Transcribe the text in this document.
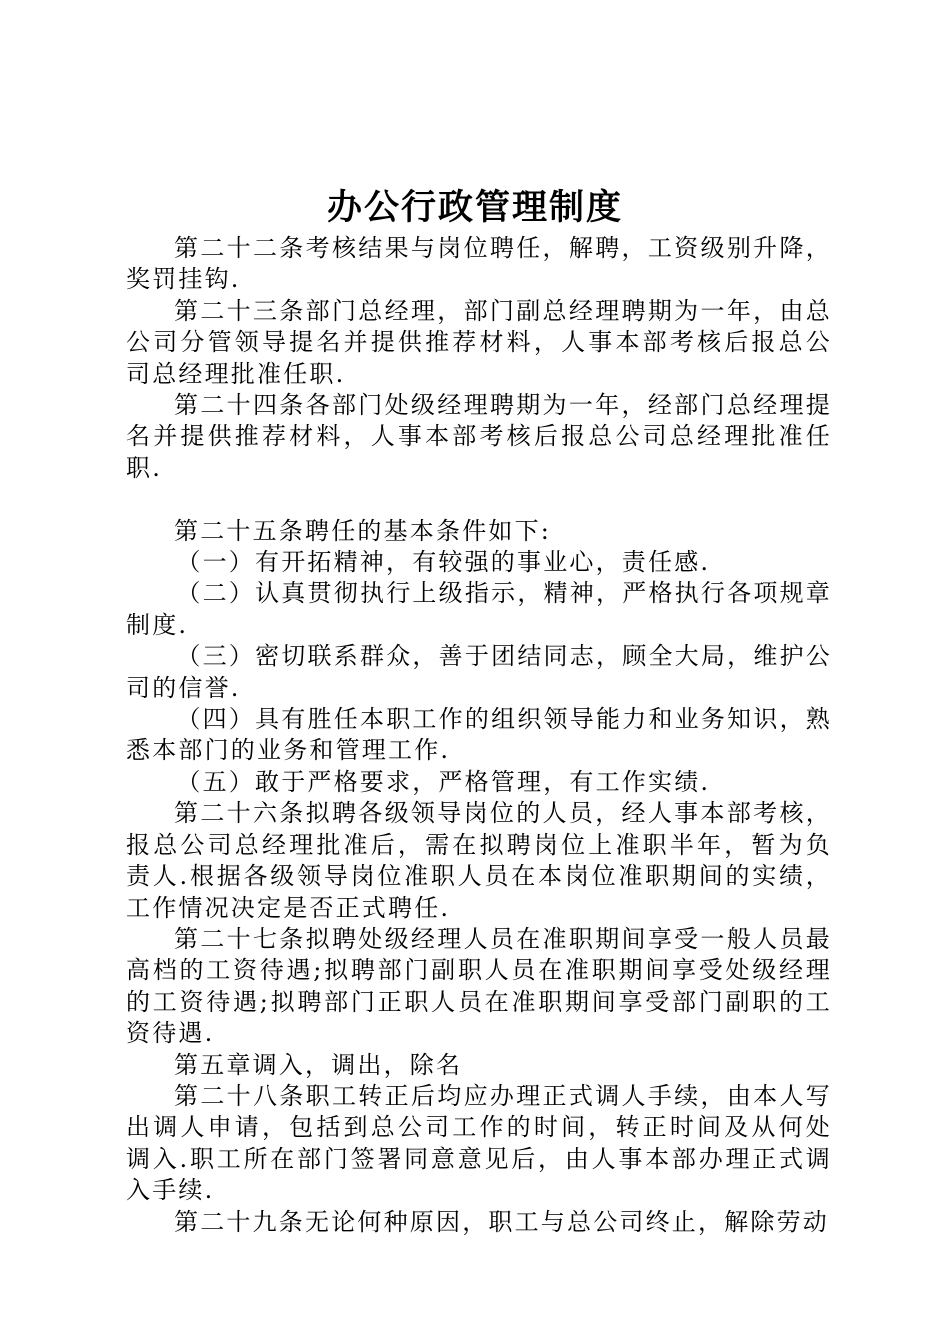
办公行政管理制度

第二十二条考核结果与岗位聘任，解聘，工资级别升降，奖罚挂钩.

第二十三条部门总经理，部门副总经理聘期为一年，由总公司分管领导提名并提供推荐材料，人事本部考核后报总公司总经理批准任职.

第二十四条各部门处级经理聘期为一年，经部门总经理提名并提供推荐材料，人事本部考核后报总公司总经理批准任职.

第二十五条聘任的基本条件如下:

（一）有开拓精神，有较强的事业心，责任感.

（二）认真贯彻执行上级指示，精神，严格执行各项规章制度.

（三）密切联系群众，善于团结同志，顾全大局，维护公司的信誉.

（四）具有胜任本职工作的组织领导能力和业务知识，熟悉本部门的业务和管理工作.

（五）敢于严格要求，严格管理，有工作实绩.

第二十六条拟聘各级领导岗位的人员，经人事本部考核，报总公司总经理批准后，需在拟聘岗位上准职半年，暂为负责人.根据各级领导岗位准职人员在本岗位准职期间的实绩，工作情况决定是否正式聘任.

第二十七条拟聘处级经理人员在准职期间享受一般人员最高档的工资待遇;拟聘部门副职人员在准职期间享受处级经理的工资待遇;拟聘部门正职人员在准职期间享受部门副职的工资待遇.

第五章调入，调出，除名

第二十八条职工转正后均应办理正式调人手续，由本人写出调人申请，包括到总公司工作的时间，转正时间及从何处调入.职工所在部门签署同意意见后，由人事本部办理正式调入手续.

第二十九条无论何种原因，职工与总公司终止，解除劳动
